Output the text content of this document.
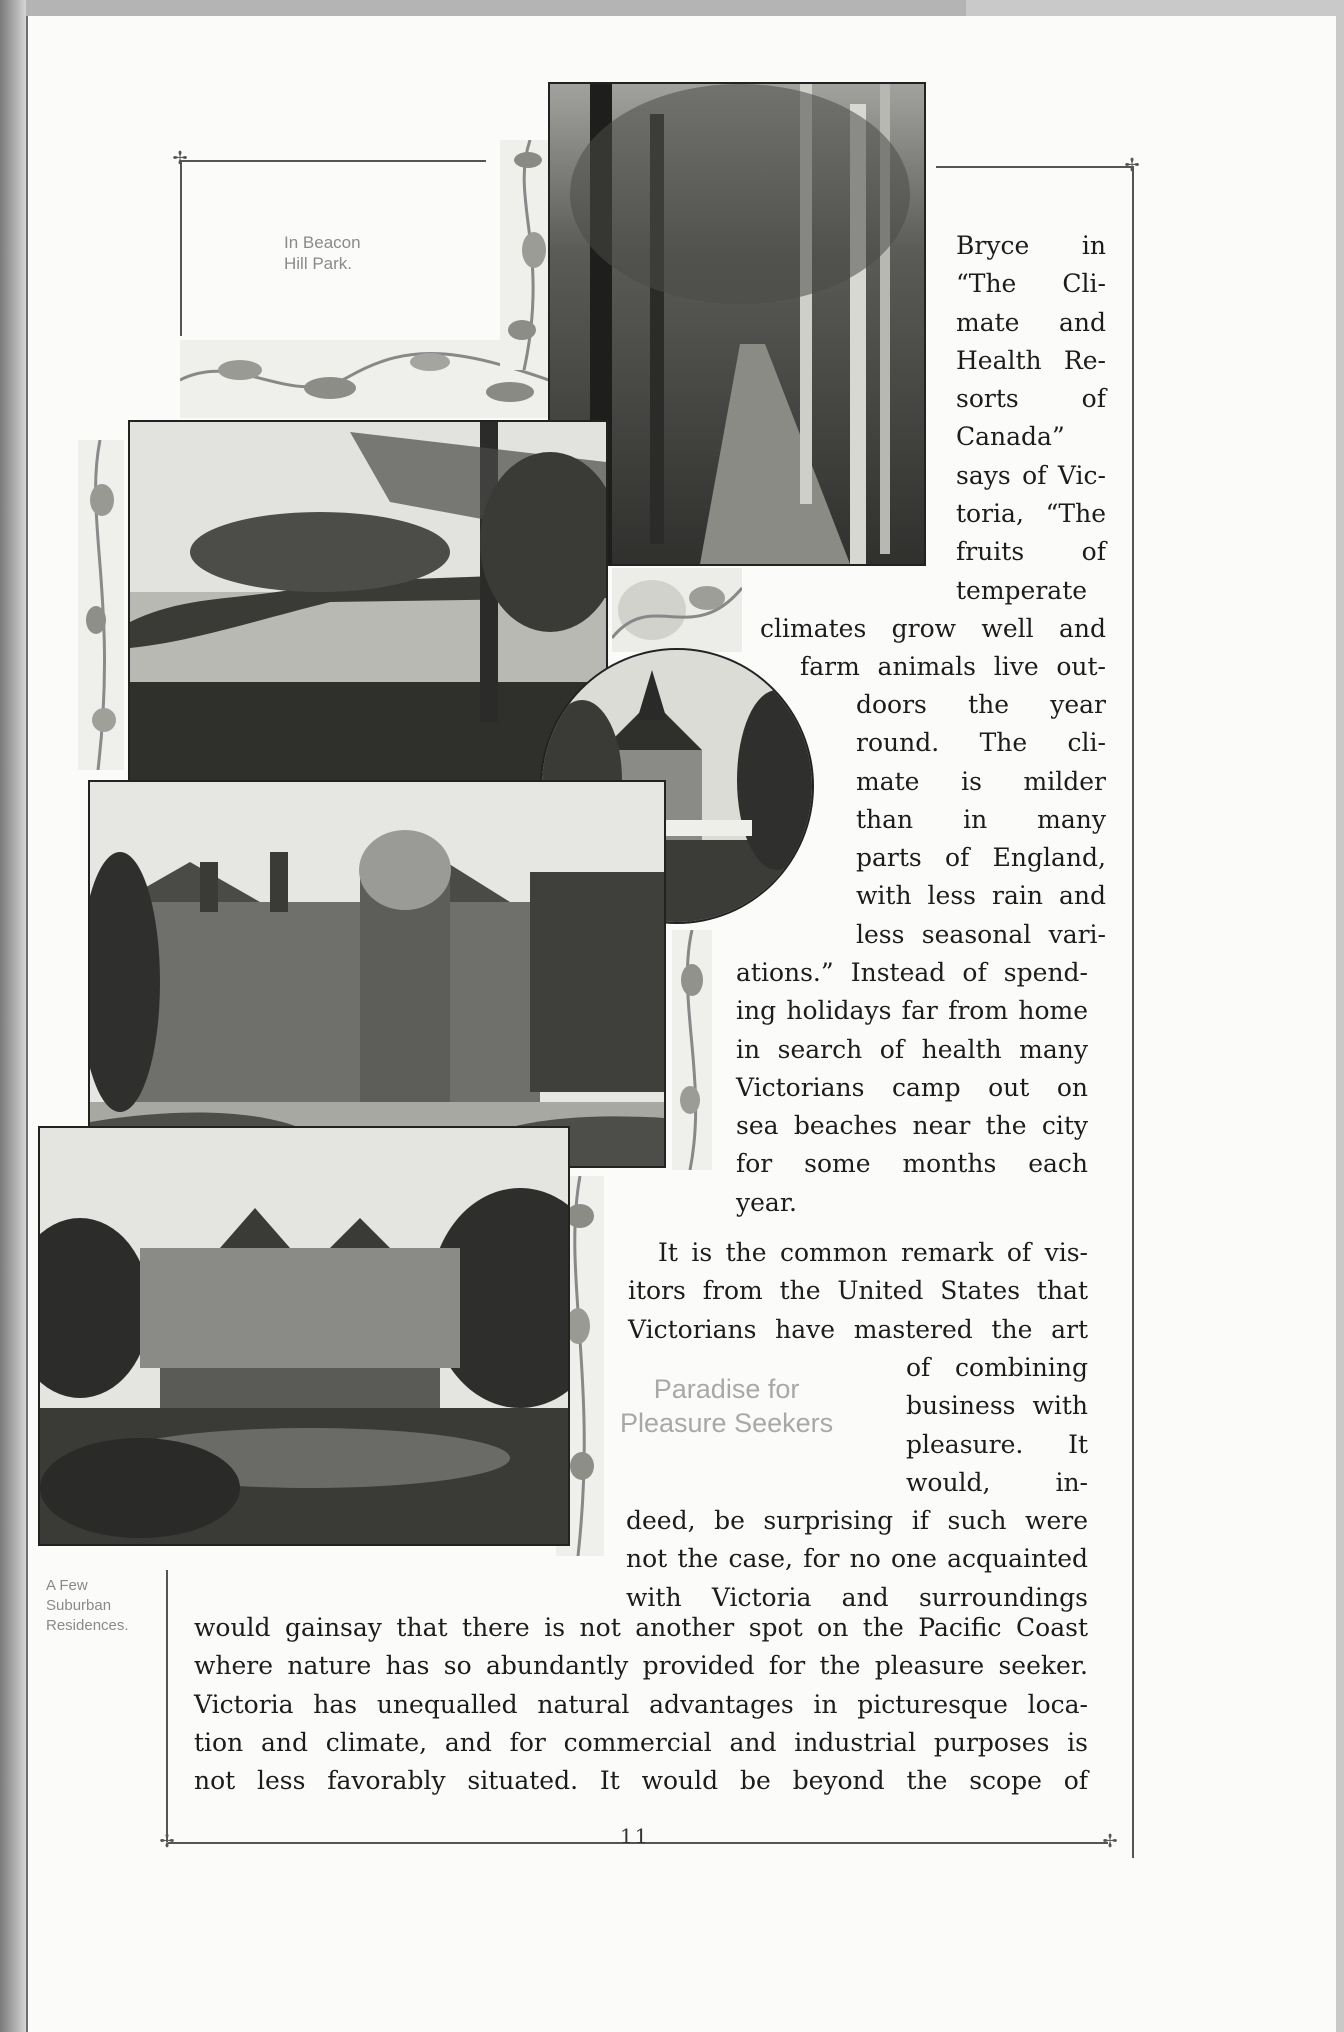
✢	✢
✢	✢
In Beacon
Hill Park.
A Few
Suburban
Residences.
Bryce in
“The Cli-
mate and
Health Re-
sorts of
Canada”
says of Vic-
toria, “The
fruits of
temperate
climates grow well and
farm animals live out-
doors the year
round. The cli-
mate is milder
than in many
parts of England,
with less rain and
less seasonal vari-
ations.” Instead of spend-
ing holidays far from home
in search of health many
Victorians camp out on
sea beaches near the city
for some months each
year.
Paradise for
Pleasure Seekers
It is the common remark of vis-
itors from the United States that
Victorians have mastered the art
of combining
business with
pleasure. It
would, in-
deed, be surprising if such were
not the case, for no one acquainted
with Victoria and surroundings
would gainsay that there is not another spot on the Pacific Coast
where nature has so abundantly provided for the pleasure seeker.
Victoria has unequalled natural advantages in picturesque loca-
tion and climate, and for commercial and industrial purposes is
not less favorably situated. It would be beyond the scope of
11
